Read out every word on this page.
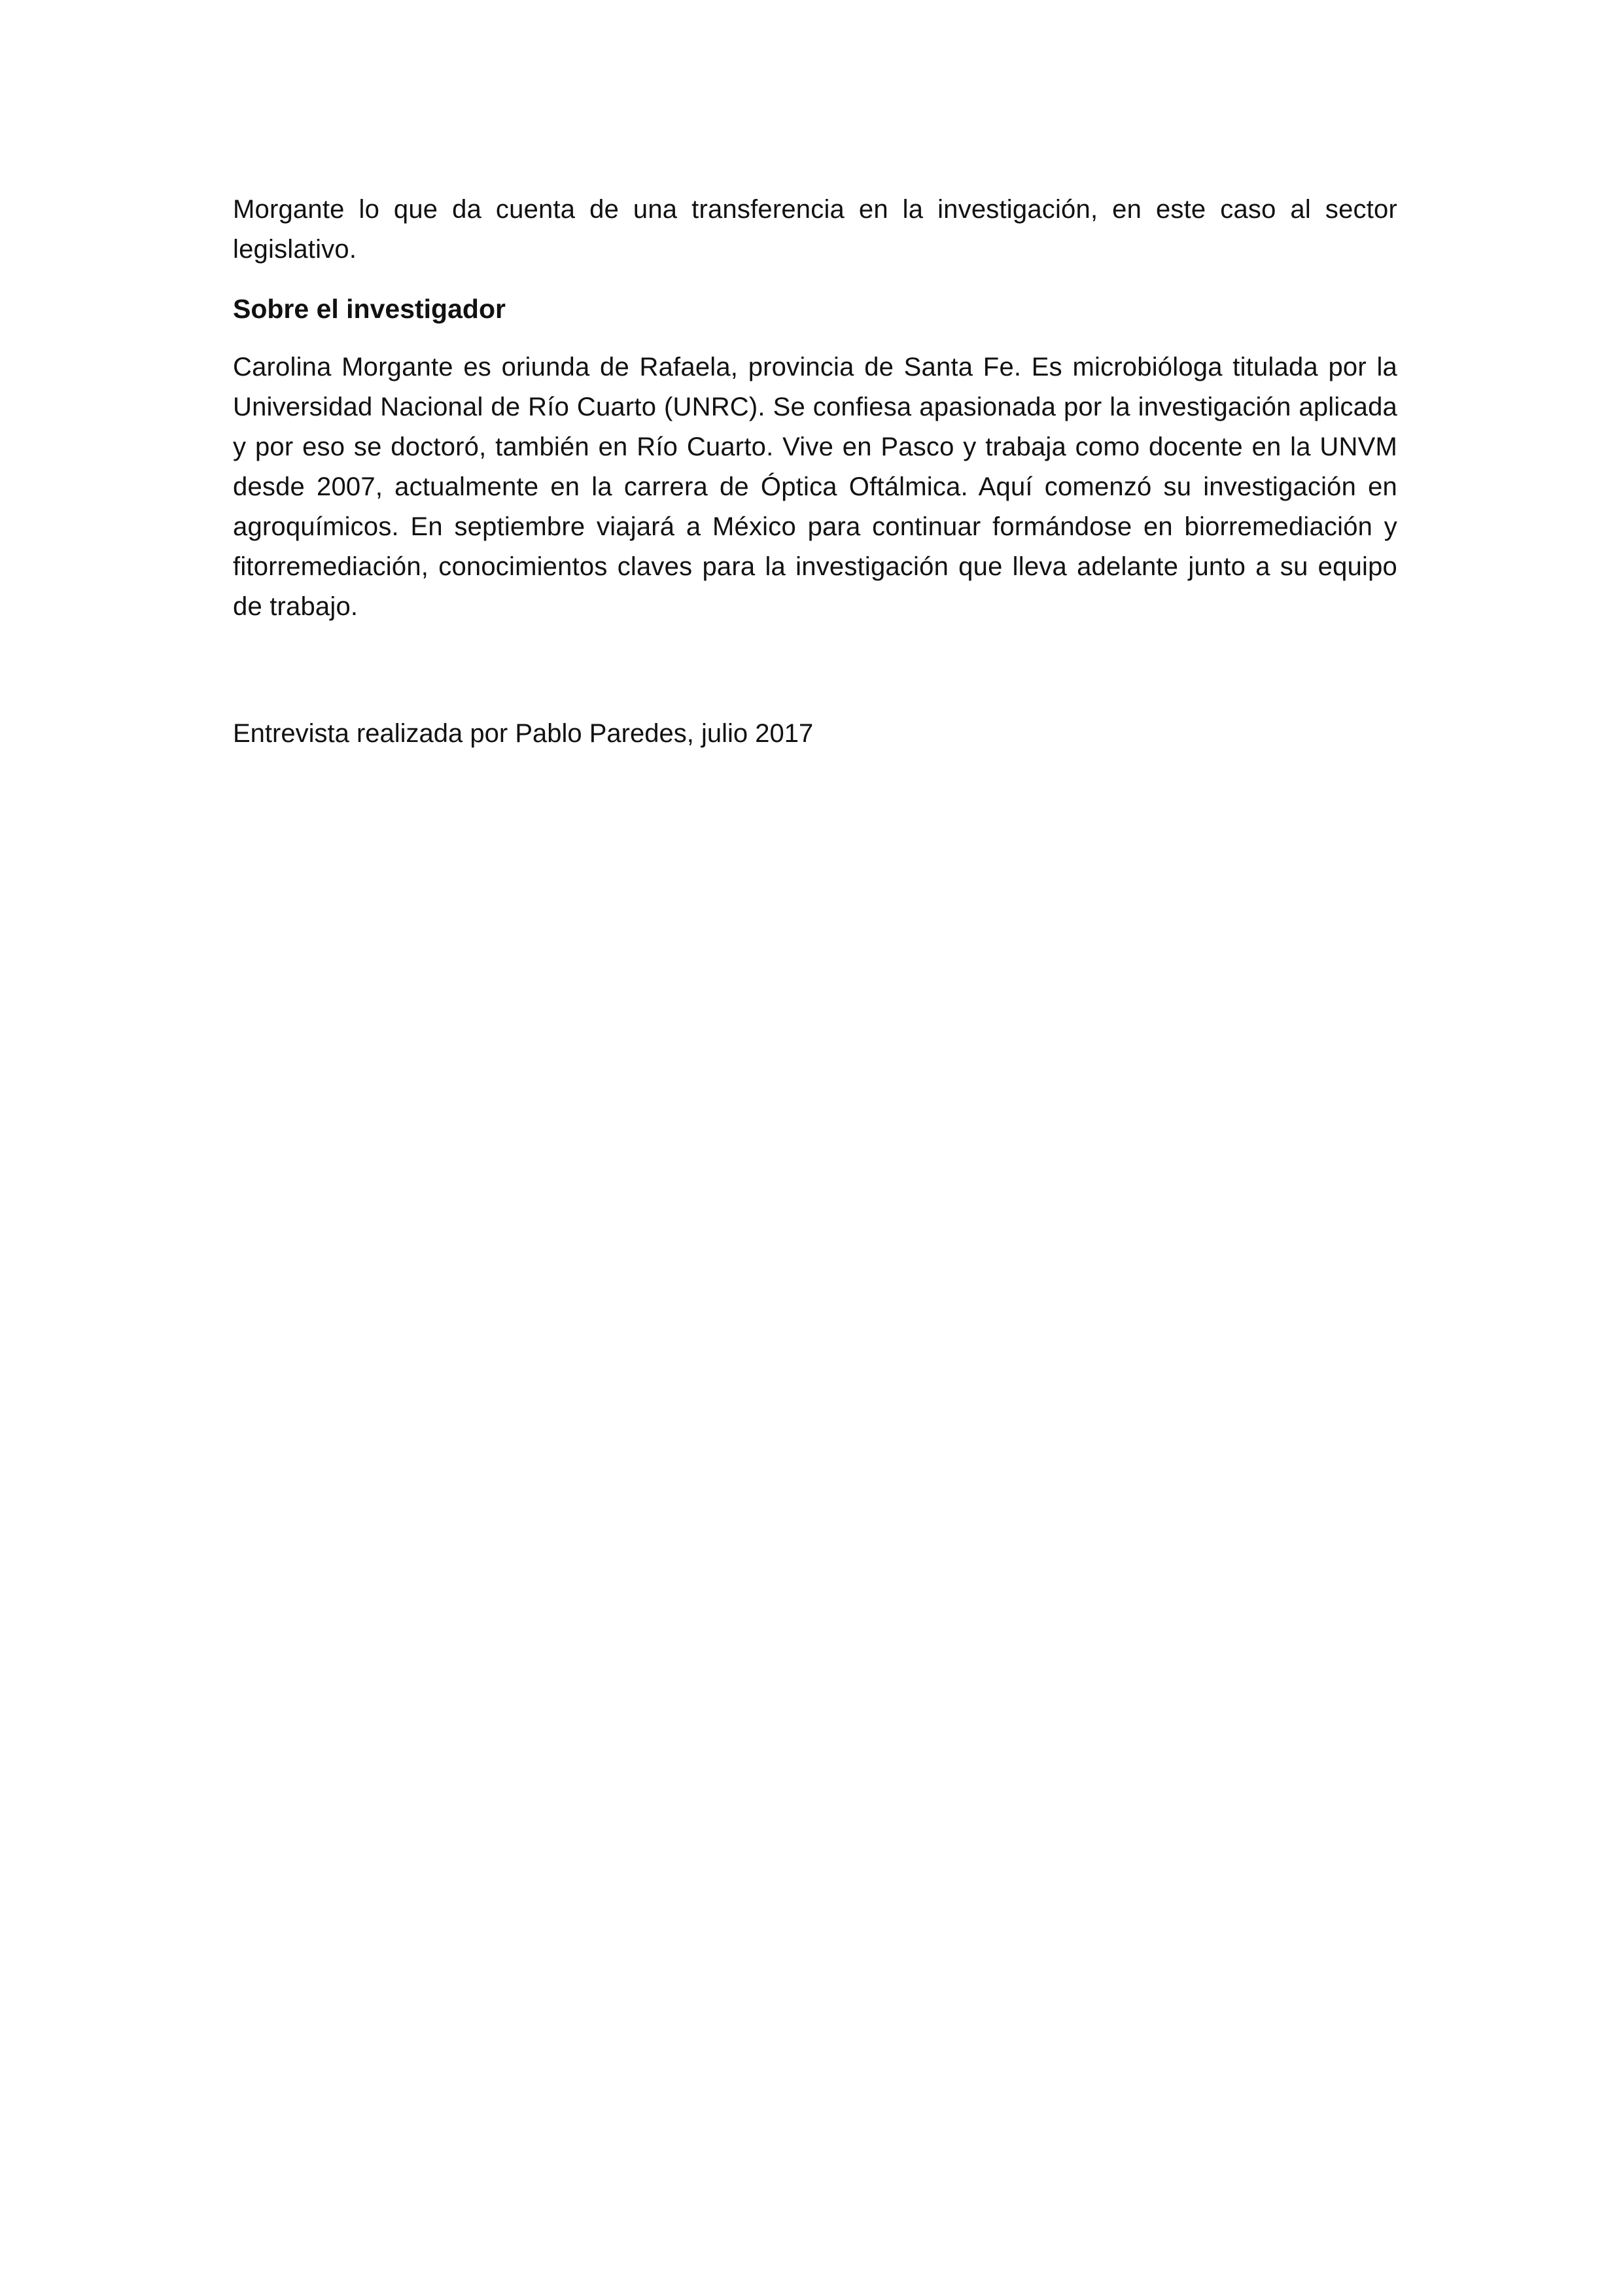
Morgante lo que da cuenta de una transferencia en la investigación, en este caso al sector legislativo.

Sobre el investigador

Carolina Morgante es oriunda de Rafaela, provincia de Santa Fe. Es microbióloga titulada por la Universidad Nacional de Río Cuarto (UNRC). Se confiesa apasionada por la investigación aplicada y por eso se doctoró, también en Río Cuarto. Vive en Pasco y trabaja como docente en la UNVM desde 2007, actualmente en la carrera de Óptica Oftálmica. Aquí comenzó su investigación en agroquímicos. En septiembre viajará a México para continuar formándose en biorremediación y fitorremediación, conocimientos claves para la investigación que lleva adelante junto a su equipo de trabajo.

Entrevista realizada por Pablo Paredes, julio 2017
